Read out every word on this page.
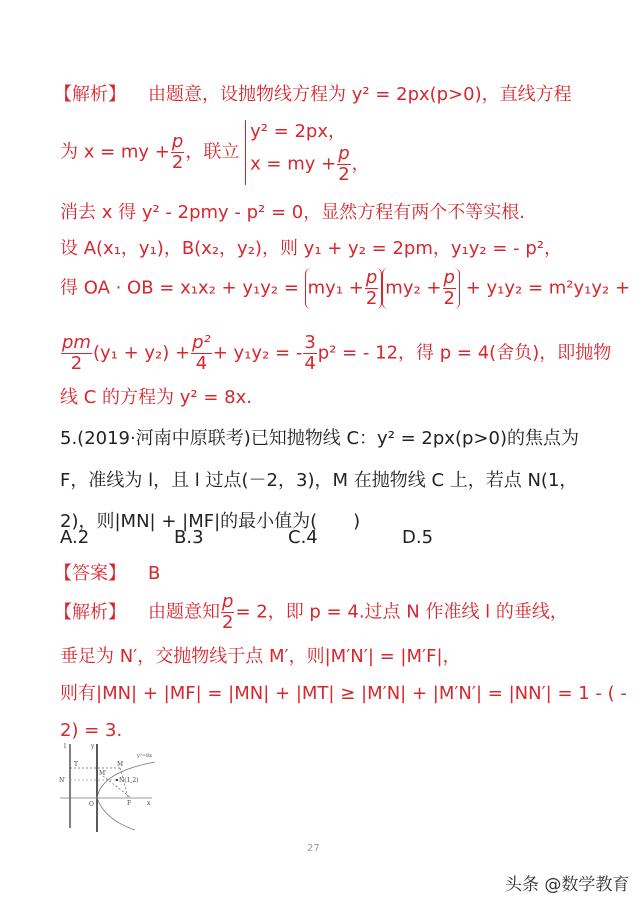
【解析】 由题意，设抛物线方程为 y² = 2px(p>0)，直线方程
为 x = my + $\frac{p}{2}$ ，联立 y² = 2px，
x = my + $\frac{p}{2}$ ，
消去 x 得 y² - 2pmy - p² = 0，显然方程有两个不等实根.
设 A(x₁，y₁)，B(x₂，y₂)，则 y₁ + y₂ = 2pm，y₁y₂ = - p²，
得 OA · OB = $x_1x_2 + y_1y_2 = my_1 + \frac{p}{2} my_2 + \frac{p}{2} + y_1y_2 = m^2y_1y_2$ +
$\frac{pm}{2} (y_1 + y_2) + \frac{\text{p²}}{4} + y_1y_2$ = - $\frac{3}{4} p^2$ = - 12，得 p = 4(舍负)，即抛物
线 C 的方程为 y² = 8x.
5.(2019·河南中原联考)已知抛物线 C：y² = 2px(p>0)的焦点为
F，准线为 l，且 l 过点(－2，3)，M 在抛物线 C 上，若点 N(1，
2)，则|MN| + |MF|的最小值为(　　)
A.2	B.3	C.4	D.5
【答案】 B
【解析】 由题意知 $\frac{p}{2} = 2$，即 p = 4.过点 N 作准线 l 的垂线，
垂足为 N′，交抛物线于点 M′，则|M′N′| = |M′F|，
则有|MN| + |MF| = |MN| + |MT| ≥ |M′N| + |M′N′| = |NN′| = 1 - ( -
2) = 3.
l	y
T
N′
M
M′
N(1,2)
O	F	x
y²=8x
27
头条 @数学教育
